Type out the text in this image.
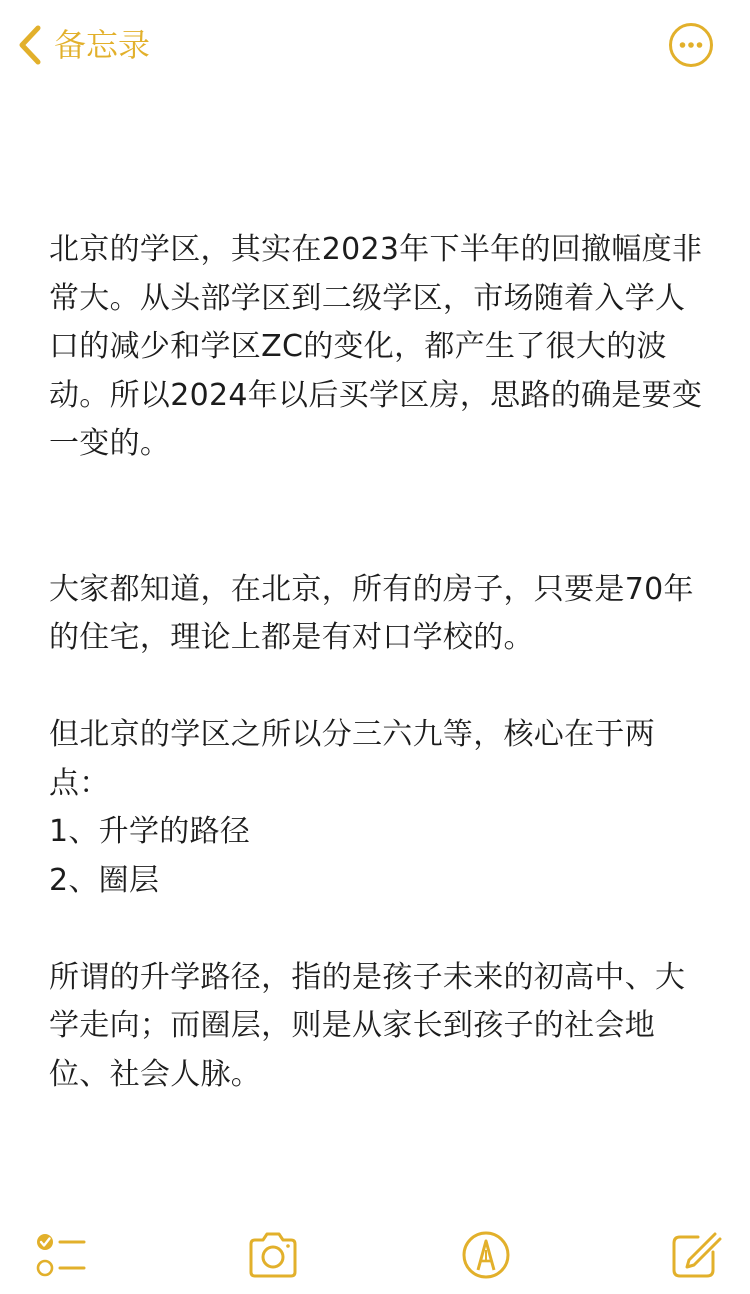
备忘录

北京的学区，其实在2023年下半年的回撤幅度非常大。从头部学区到二级学区，市场随着入学人口的减少和学区ZC的变化，都产生了很大的波动。所以2024年以后买学区房，思路的确是要变一变的。

大家都知道，在北京，所有的房子，只要是70年的住宅，理论上都是有对口学校的。

但北京的学区之所以分三六九等，核心在于两点：

1、升学的路径

2、圈层

所谓的升学路径，指的是孩子未来的初高中、大学走向；而圈层，则是从家长到孩子的社会地位、社会人脉。
